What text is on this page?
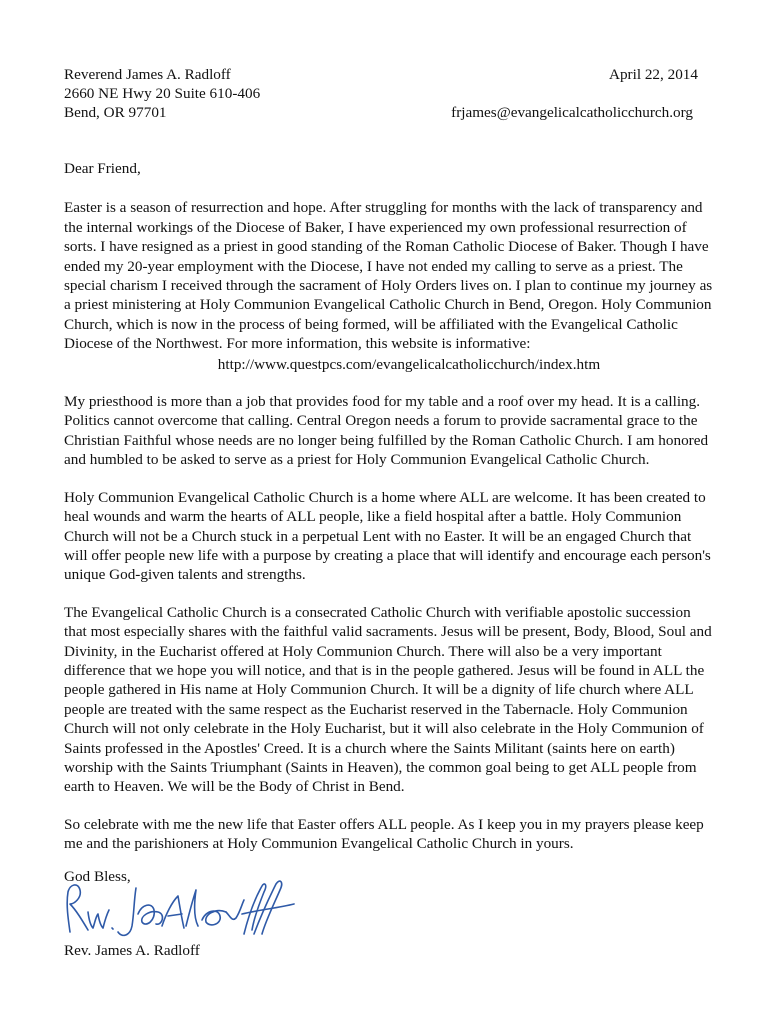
Reverend James A. Radloff
2660 NE Hwy 20 Suite 610-406
Bend, OR 97701
April 22, 2014
frjames@evangelicalcatholicchurch.org

Dear Friend,

Easter is a season of resurrection and hope. After struggling for months with the lack of transparency and the internal workings of the Diocese of Baker, I have experienced my own professional resurrection of sorts. I have resigned as a priest in good standing of the Roman Catholic Diocese of Baker. Though I have ended my 20-year employment with the Diocese, I have not ended my calling to serve as a priest. The special charism I received through the sacrament of Holy Orders lives on. I plan to continue my journey as a priest ministering at Holy Communion Evangelical Catholic Church in Bend, Oregon. Holy Communion Church, which is now in the process of being formed, will be affiliated with the Evangelical Catholic Diocese of the Northwest. For more information, this website is informative:

http://www.questpcs.com/evangelicalcatholicchurch/index.htm

My priesthood is more than a job that provides food for my table and a roof over my head. It is a calling. Politics cannot overcome that calling. Central Oregon needs a forum to provide sacramental grace to the Christian Faithful whose needs are no longer being fulfilled by the Roman Catholic Church. I am honored and humbled to be asked to serve as a priest for Holy Communion Evangelical Catholic Church.

Holy Communion Evangelical Catholic Church is a home where ALL are welcome. It has been created to heal wounds and warm the hearts of ALL people, like a field hospital after a battle. Holy Communion Church will not be a Church stuck in a perpetual Lent with no Easter. It will be an engaged Church that will offer people new life with a purpose by creating a place that will identify and encourage each person's unique God-given talents and strengths.

The Evangelical Catholic Church is a consecrated Catholic Church with verifiable apostolic succession that most especially shares with the faithful valid sacraments. Jesus will be present, Body, Blood, Soul and Divinity, in the Eucharist offered at Holy Communion Church. There will also be a very important difference that we hope you will notice, and that is in the people gathered. Jesus will be found in ALL the people gathered in His name at Holy Communion Church. It will be a dignity of life church where ALL people are treated with the same respect as the Eucharist reserved in the Tabernacle. Holy Communion Church will not only celebrate in the Holy Eucharist, but it will also celebrate in the Holy Communion of Saints professed in the Apostles' Creed. It is a church where the Saints Militant (saints here on earth) worship with the Saints Triumphant (Saints in Heaven), the common goal being to get ALL people from earth to Heaven. We will be the Body of Christ in Bend.

So celebrate with me the new life that Easter offers ALL people. As I keep you in my prayers please keep me and the parishioners at Holy Communion Evangelical Catholic Church in yours.

God Bless,
Rev. James A. Radloff
